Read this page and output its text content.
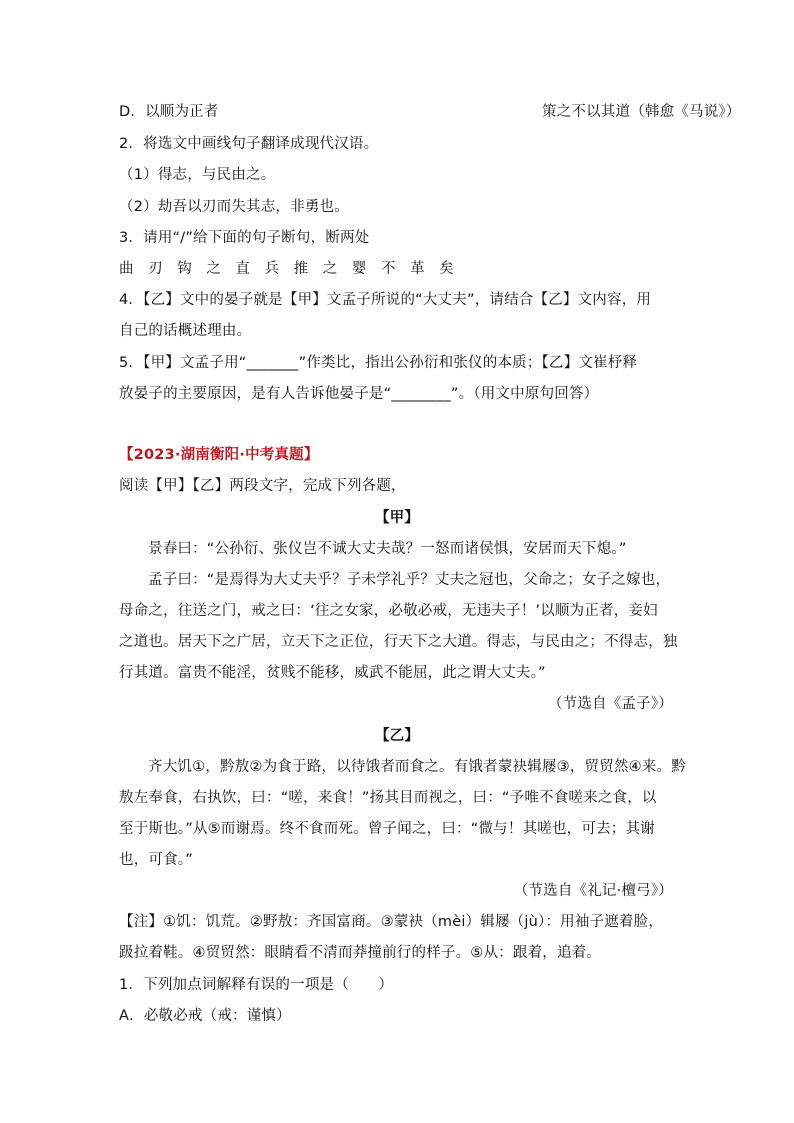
D．以顺为正者	策之不以其道（韩愈《马说》）
2．将选文中画线句子翻译成现代汉语。
（1）得志，与民由之。
（2）劫吾以刃而失其志，非勇也。
3．请用“/”给下面的句子断句，断两处
曲 刃 钩 之 直 兵 推 之 婴 不 革 矣
4．【乙】文中的晏子就是【甲】文孟子所说的“大丈夫”，请结合【乙】文内容，用
自己的话概述理由。
5．【甲】文孟子用“_______”作类比，指出公孙衍和张仪的本质；【乙】文崔杼释
放晏子的主要原因，是有人告诉他晏子是“________”。（用文中原句回答）
【2023·湖南衡阳·中考真题】
阅读【甲】【乙】两段文字，完成下列各题，
【甲】
景春曰：“公孙衍、张仪岂不诚大丈夫哉？一怒而诸侯惧，安居而天下熄。”
孟子曰：“是焉得为大丈夫乎？子未学礼乎？丈夫之冠也，父命之；女子之嫁也，
母命之，往送之门，戒之曰：‘往之女家，必敬必戒，无违夫子！’以顺为正者，妾妇
之道也。居天下之广居，立天下之正位，行天下之大道。得志，与民由之；不得志，独
行其道。富贵不能淫，贫贱不能移，威武不能屈，此之谓大丈夫。”
（节选自《孟子》）
【乙】
齐大饥①，黔敖②为食于路，以待饿者而食之。有饿者蒙袂辑屦③，贸贸然④来。黔
敖左奉食，右执饮，曰：“嗟，来食！”扬其目而视之，曰：“予唯不食嗟来之食，以
至于斯也。”从⑤而谢焉。终不食而死。曾子闻之，曰：“微与！其嗟也，可去；其谢
也，可食。”
（节选自《礼记·檀弓》）
【注】①饥：饥荒。②野敖：齐国富商。③蒙袂（mèi）辑屦（jù）：用袖子遮着脸，
趿拉着鞋。④贸贸然：眼睛看不清而莽撞前行的样子。⑤从：跟着，追着。
1．下列加点词解释有误的一项是（　　）
A．必敬必戒（戒：谨慎）
